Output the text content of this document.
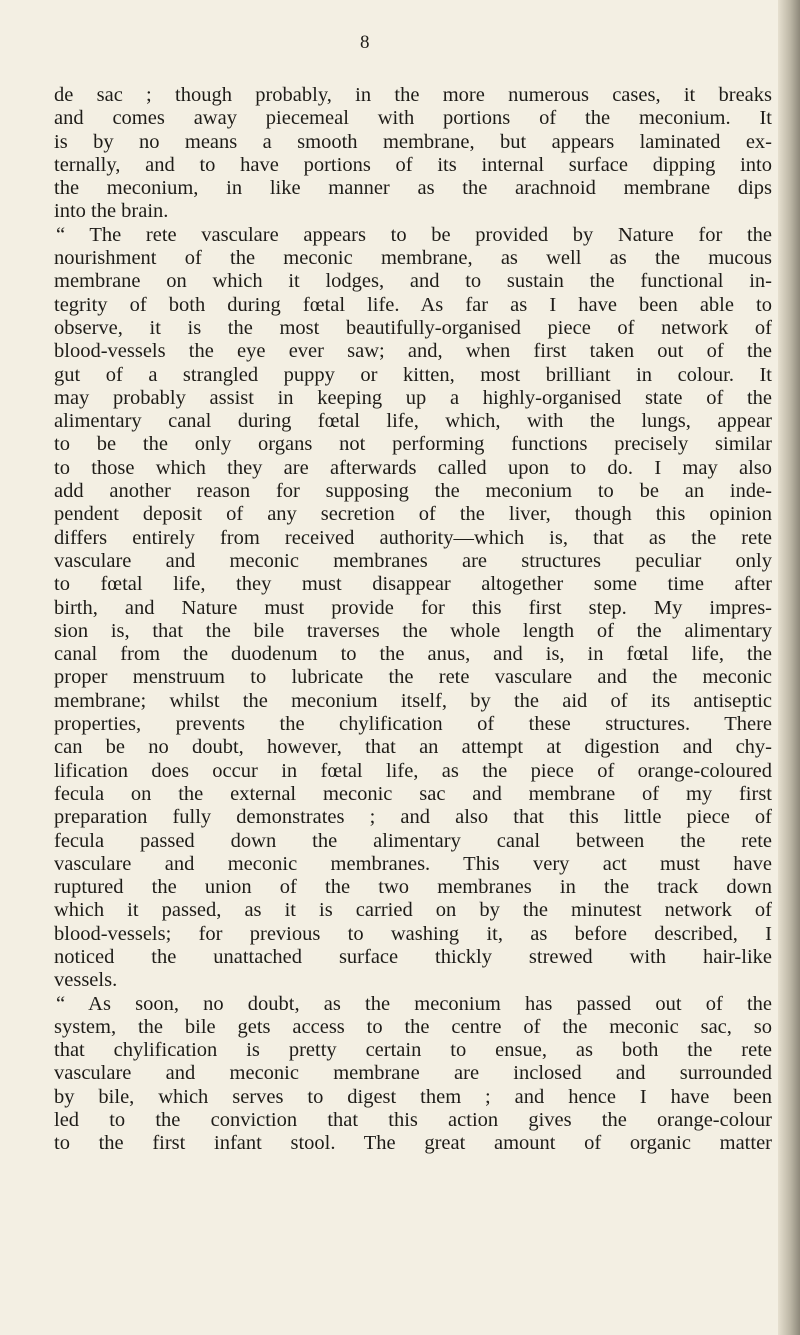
8
de sac ; though probably, in the more numerous cases, it breaks
and comes away piecemeal with portions of the meconium. It
is by no means a smooth membrane, but appears laminated ex-
ternally, and to have portions of its internal surface dipping into
the meconium, in like manner as the arachnoid membrane dips
into the brain.
“ The rete vasculare appears to be provided by Nature for the
nourishment of the meconic membrane, as well as the mucous
membrane on which it lodges, and to sustain the functional in-
tegrity of both during fœtal life. As far as I have been able to
observe, it is the most beautifully-organised piece of network of
blood-vessels the eye ever saw; and, when first taken out of the
gut of a strangled puppy or kitten, most brilliant in colour. It
may probably assist in keeping up a highly-organised state of the
alimentary canal during fœtal life, which, with the lungs, appear
to be the only organs not performing functions precisely similar
to those which they are afterwards called upon to do. I may also
add another reason for supposing the meconium to be an inde-
pendent deposit of any secretion of the liver, though this opinion
differs entirely from received authority—which is, that as the rete
vasculare and meconic membranes are structures peculiar only
to fœtal life, they must disappear altogether some time after
birth, and Nature must provide for this first step. My impres-
sion is, that the bile traverses the whole length of the alimentary
canal from the duodenum to the anus, and is, in fœtal life, the
proper menstruum to lubricate the rete vasculare and the meconic
membrane; whilst the meconium itself, by the aid of its antiseptic
properties, prevents the chylification of these structures. There
can be no doubt, however, that an attempt at digestion and chy-
lification does occur in fœtal life, as the piece of orange-coloured
fecula on the external meconic sac and membrane of my first
preparation fully demonstrates ; and also that this little piece of
fecula passed down the alimentary canal between the rete
vasculare and meconic membranes. This very act must have
ruptured the union of the two membranes in the track down
which it passed, as it is carried on by the minutest network of
blood-vessels; for previous to washing it, as before described, I
noticed the unattached surface thickly strewed with hair-like
vessels.
“ As soon, no doubt, as the meconium has passed out of the
system, the bile gets access to the centre of the meconic sac, so
that chylification is pretty certain to ensue, as both the rete
vasculare and meconic membrane are inclosed and surrounded
by bile, which serves to digest them ; and hence I have been
led to the conviction that this action gives the orange-colour
to the first infant stool. The great amount of organic matter
